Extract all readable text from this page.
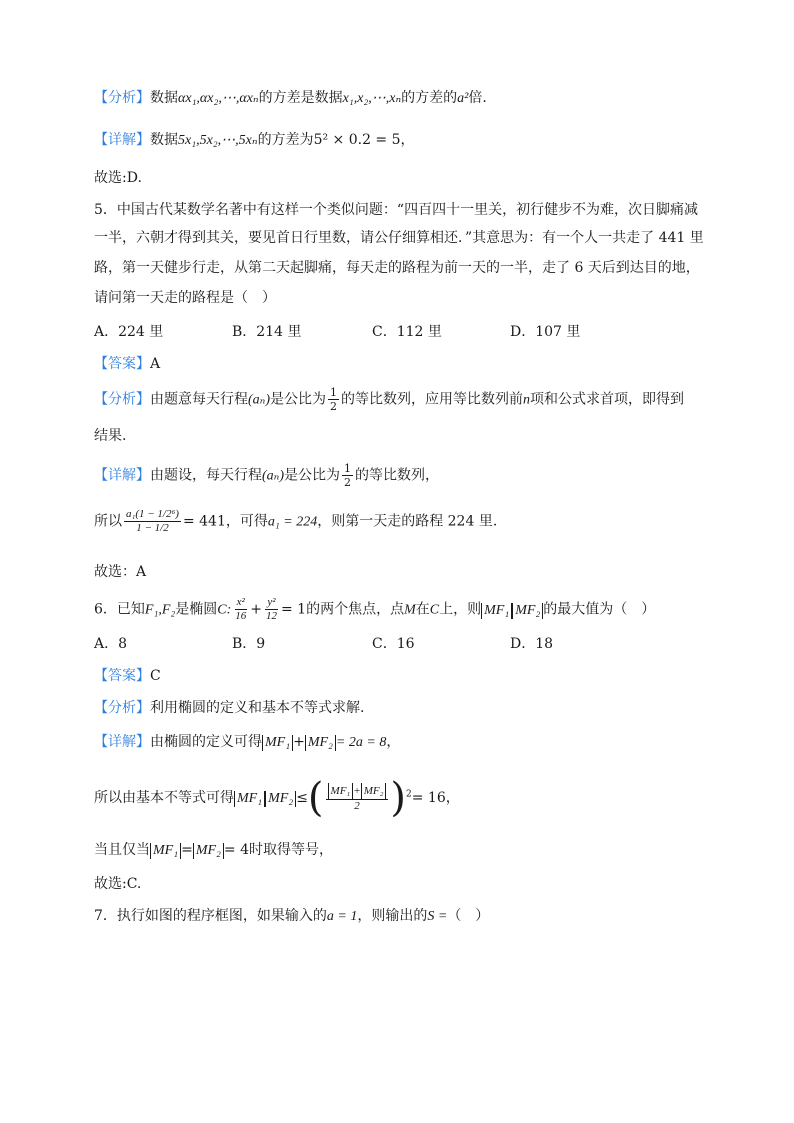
【分析】数据αx₁,αx₂,⋯,αxₙ的方差是数据x₁,x₂,⋯,xₙ的方差的a²倍.
【详解】数据5x₁,5x₂,⋯,5xₙ的方差为5² × 0.2 = 5，
故选:D.
5．中国古代某数学名著中有这样一个类似问题：“四百四十一里关，初行健步不为难，次日脚痛减
一半，六朝才得到其关，要见首日行里数，请公仔细算相还．”其意思为：有一个人一共走了 441 里
路，第一天健步行走，从第二天起脚痛，每天走的路程为前一天的一半，走了 6 天后到达目的地，
请问第一天走的路程是（　）
A．224 里	B．214 里	C．112 里	D．107 里
【答案】A
【分析】由题意每天行程(aₙ)是公比为 $\frac{1}{2}$ 的等比数列，应用等比数列前n项和公式求首项，即得到
结果.
【详解】由题设，每天行程(aₙ)是公比为 $\frac{1}{2}$ 的等比数列，
所以 $\frac{\text{a₁(1 − 1/2⁶)}}{1 - 1/2} = 441$，可得a₁ = 224，则第一天走的路程 224 里.
故选：A
6．已知F₁,F₂是椭圆C: $\frac{\text{x²}}{16} + \frac{\text{y²}}{12} = 1$的两个焦点，点M在C上，则 MF₁ MF₂ 的最大值为（　）
A．8	B．9	C．16	D．18
【答案】C
【分析】利用椭圆的定义和基本不等式求解.
【详解】由椭圆的定义可得 MF₁ + MF₂ = 2a = 8，
所以由基本不等式可得 MF₁ MF₂ ≤( $\frac{\text{MF₁ + MF₂}}{2} )^2= 16$，
当且仅当 MF₁ = MF₂ = 4时取得等号，
故选:C.
7．执行如图的程序框图，如果输入的a = 1，则输出的S =（　）
